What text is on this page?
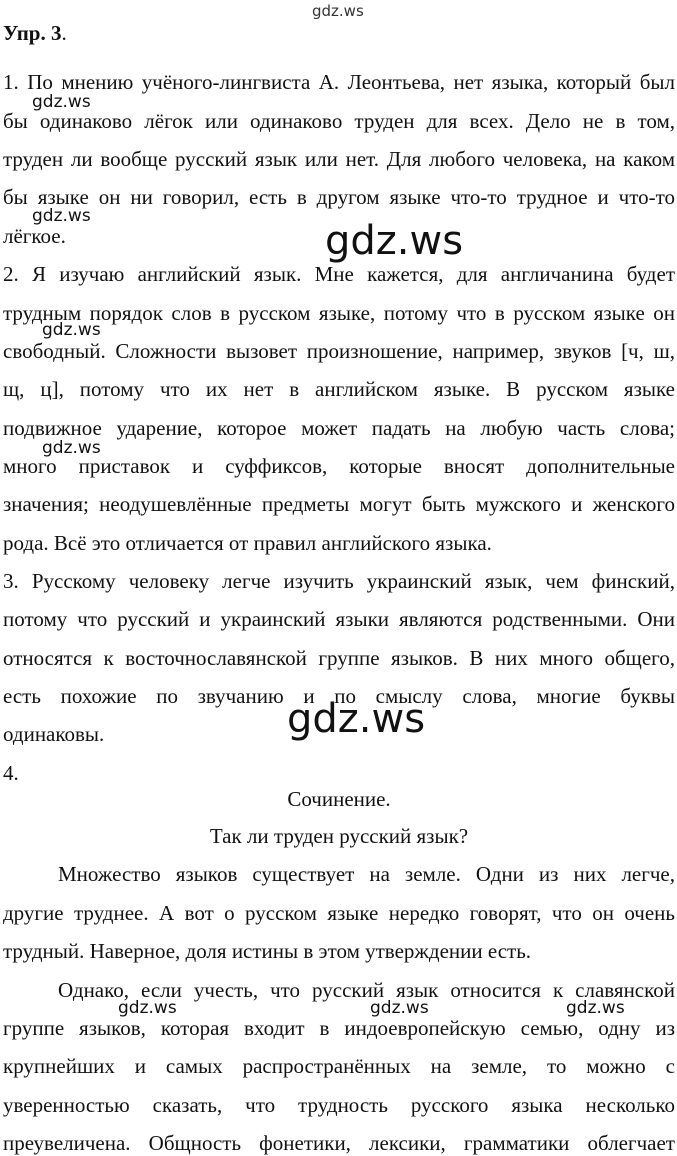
gdz.ws
Упр. 3.
1. По мнению учёного-лингвиста А. Леонтьева, нет языка, который был
бы одинаково лёгок или одинаково труден для всех. Дело не в том,
труден ли вообще русский язык или нет. Для любого человека, на каком
бы языке он ни говорил, есть в другом языке что-то трудное и что-то
лёгкое.
2. Я изучаю английский язык. Мне кажется, для англичанина будет
трудным порядок слов в русском языке, потому что в русском языке он
свободный. Сложности вызовет произношение, например, звуков [ч, ш,
щ, ц], потому что их нет в английском языке. В русском языке
подвижное ударение, которое может падать на любую часть слова;
много приставок и суффиксов, которые вносят дополнительные
значения; неодушевлённые предметы могут быть мужского и женского
рода. Всё это отличается от правил английского языка.
3. Русскому человеку легче изучить украинский язык, чем финский,
потому что русский и украинский языки являются родственными. Они
относятся к восточнославянской группе языков. В них много общего,
есть похожие по звучанию и по смыслу слова, многие буквы
одинаковы.
4.
Сочинение.
Так ли труден русский язык?
Множество языков существует на земле. Одни из них легче,
другие труднее. А вот о русском языке нередко говорят, что он очень
трудный. Наверное, доля истины в этом утверждении есть.
Однако, если учесть, что русский язык относится к славянской
группе языков, которая входит в индоевропейскую семью, одну из
крупнейших и самых распространённых на земле, то можно с
уверенностью сказать, что трудность русского языка несколько
преувеличена. Общность фонетики, лексики, грамматики облегчает
gdz.ws
gdz.ws
gdz.ws
gdz.ws
gdz.ws	gdz.ws	gdz.ws
gdz.ws
gdz.ws
